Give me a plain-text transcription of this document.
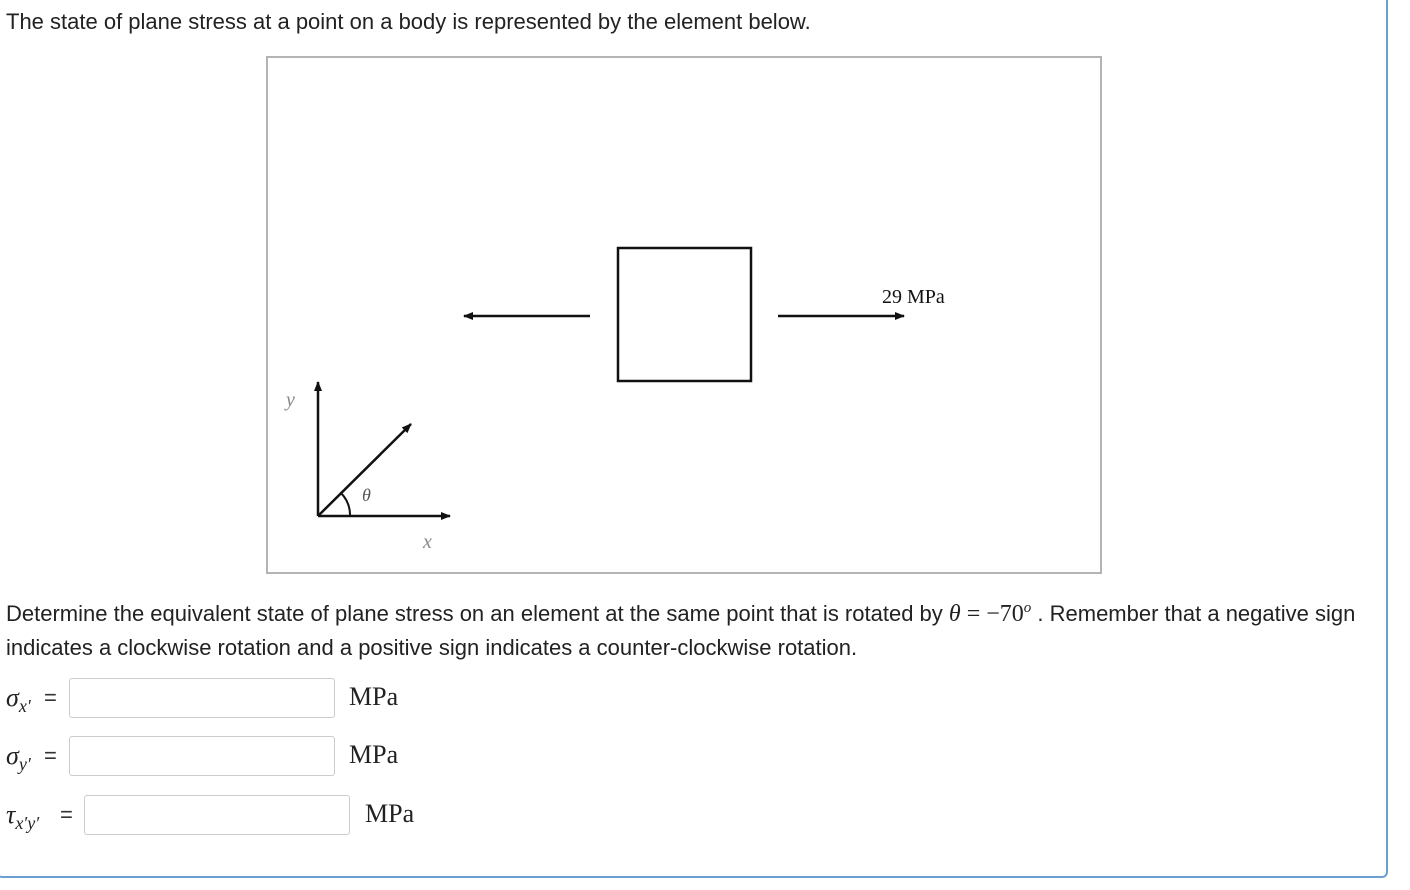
The state of plane stress at a point on a body is represented by the element below.
29 MPa
y
x
θ
Determine the equivalent state of plane stress on an element at the same point that is rotated by $\theta = -70^o$ . Remember that a negative sign indicates a clockwise rotation and a positive sign indicates a counter-clockwise rotation.
$\sigma_{x'}$ =	MPa
$\sigma_{y'}$ =	MPa
$\tau_{x'y'}$ =	MPa
